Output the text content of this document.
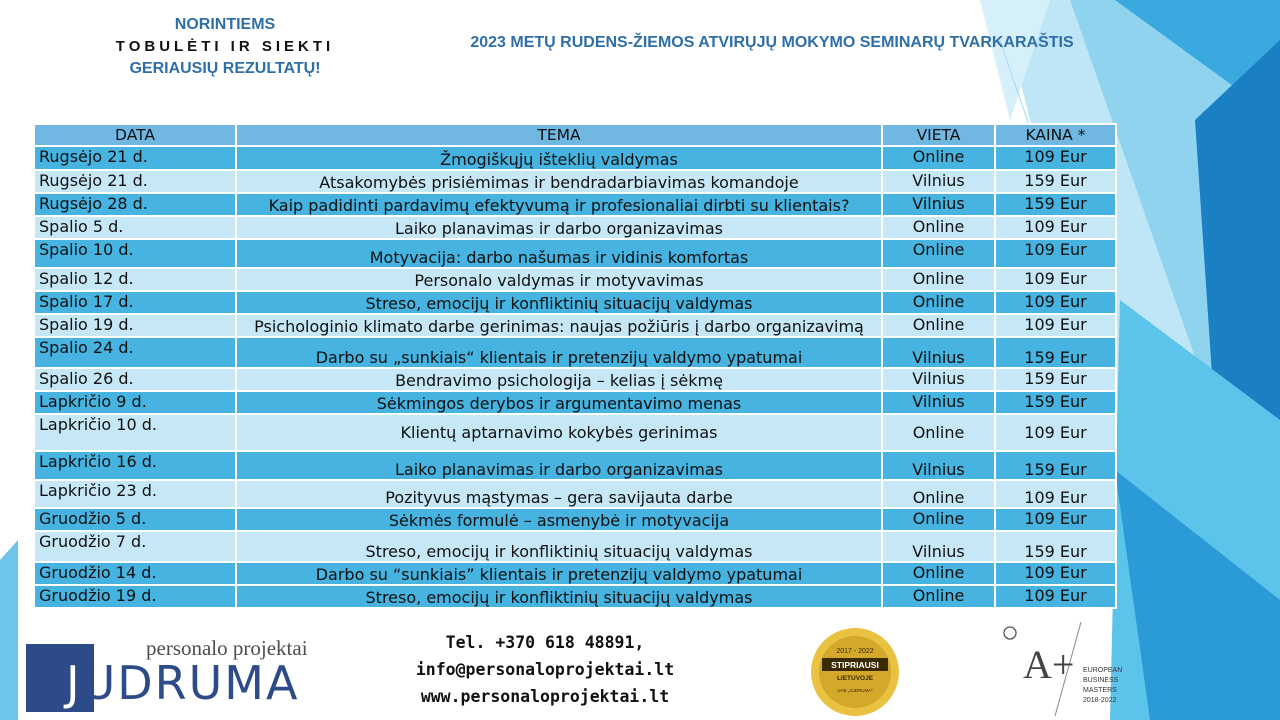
NORINTIEMS
TOBULĖTI IR SIEKTI
GERIAUSIŲ REZULTATŲ!
2023 METŲ RUDENS-ŽIEMOS ATVIRŲJŲ MOKYMO SEMINARŲ TVARKARAŠTIS
DATA	TEMA	VIETA	KAINA *
Rugsėjo 21 d.	Žmogiškųjų išteklių valdymas	Online	109 Eur
Rugsėjo 21 d.	Atsakomybės prisiėmimas ir bendradarbiavimas komandoje	Vilnius	159 Eur
Rugsėjo 28 d.	Kaip padidinti pardavimų efektyvumą ir profesionaliai dirbti su klientais?	Vilnius	159 Eur
Spalio 5 d.	Laiko planavimas ir darbo organizavimas	Online	109 Eur
Spalio 10 d.	Motyvacija: darbo našumas ir vidinis komfortas	Online	109 Eur
Spalio 12 d.	Personalo valdymas ir motyvavimas	Online	109 Eur
Spalio 17 d.	Streso, emocijų ir konfliktinių situacijų valdymas	Online	109 Eur
Spalio 19 d.	Psichologinio klimato darbe gerinimas: naujas požiūris į darbo organizavimą	Online	109 Eur
Spalio 24 d.	Darbo su „sunkiais“ klientais ir pretenzijų valdymo ypatumai	Vilnius	159 Eur
Spalio 26 d.	Bendravimo psichologija – kelias į sėkmę	Vilnius	159 Eur
Lapkričio 9 d.	Sėkmingos derybos ir argumentavimo menas	Vilnius	159 Eur
Lapkričio 10 d.	Klientų aptarnavimo kokybės gerinimas	Online	109 Eur
Lapkričio 16 d.	Laiko planavimas ir darbo organizavimas	Vilnius	159 Eur
Lapkričio 23 d.	Pozityvus mąstymas – gera savijauta darbe	Online	109 Eur
Gruodžio 5 d.	Sėkmės formulė – asmenybė ir motyvacija	Online	109 Eur
Gruodžio 7 d.	Streso, emocijų ir konfliktinių situacijų valdymas	Vilnius	159 Eur
Gruodžio 14 d.	Darbo su “sunkiais” klientais ir pretenzijų valdymo ypatumai	Online	109 Eur
Gruodžio 19 d.	Streso, emocijų ir konfliktinių situacijų valdymas	Online	109 Eur
personalo projektai
JUDRUMA
Tel. +370 618 48891,
info@personaloprojektai.lt
www.personaloprojektai.lt
2017 - 2022
STIPRIAUSI
LIETUVOJE
UAB „JUDRUMA"
A+ EUROPEAN
BUSINESS
MASTERS
2018-2022
